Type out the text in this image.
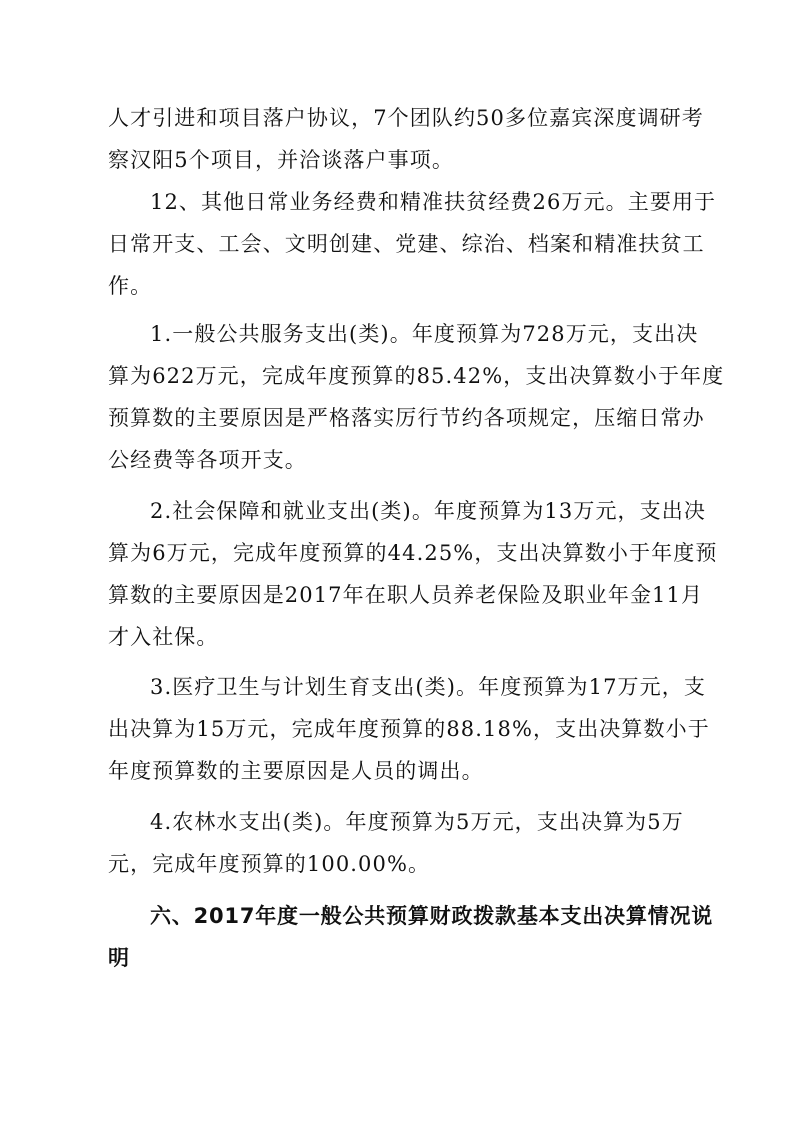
人才引进和项目落户协议，7个团队约50多位嘉宾深度调研考
察汉阳5个项目，并洽谈落户事项。
12、其他日常业务经费和精准扶贫经费26万元。主要用于
日常开支、工会、文明创建、党建、综治、档案和精准扶贫工
作。
1.一般公共服务支出(类)。年度预算为728万元，支出决
算为622万元，完成年度预算的85.42%，支出决算数小于年度
预算数的主要原因是严格落实厉行节约各项规定，压缩日常办
公经费等各项开支。
2.社会保障和就业支出(类)。年度预算为13万元，支出决
算为6万元，完成年度预算的44.25%，支出决算数小于年度预
算数的主要原因是2017年在职人员养老保险及职业年金11月
才入社保。
3.医疗卫生与计划生育支出(类)。年度预算为17万元，支
出决算为15万元，完成年度预算的88.18%，支出决算数小于
年度预算数的主要原因是人员的调出。
4.农林水支出(类)。年度预算为5万元，支出决算为5万
元，完成年度预算的100.00%。
六、2017年度一般公共预算财政拨款基本支出决算情况说
明
